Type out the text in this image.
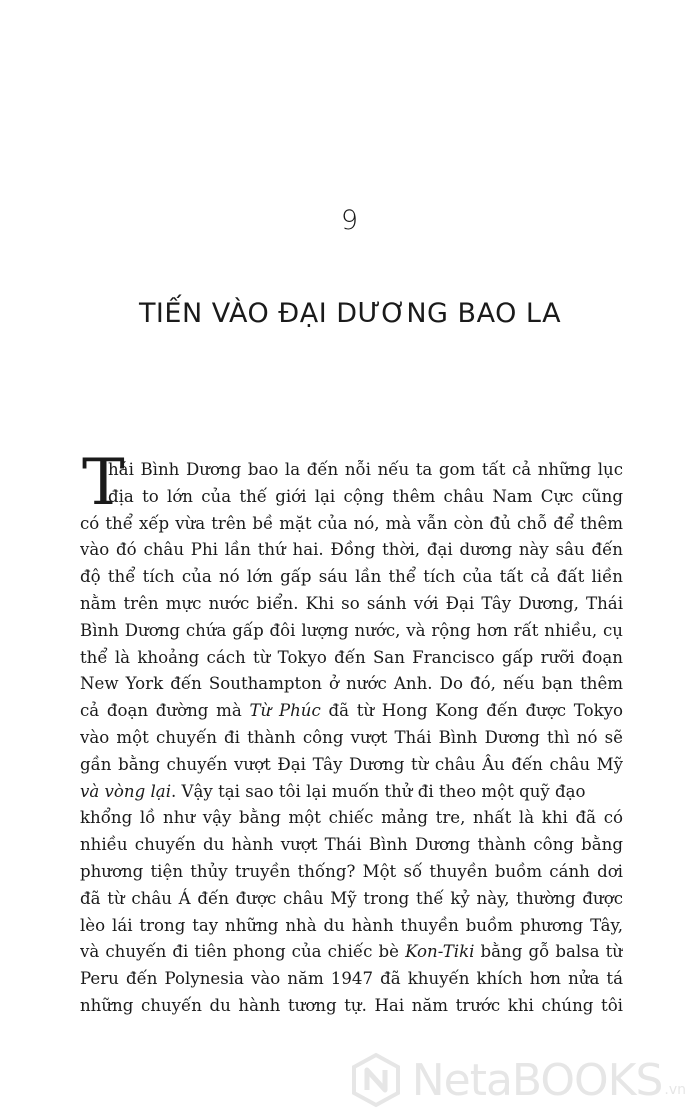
9
TIẾN VÀO ĐẠI DƯƠNG BAO LA
T
hái Bình Dương bao la đến nỗi nếu ta gom tất cả những lục
địa to lớn của thế giới lại cộng thêm châu Nam Cực cũng
có thể xếp vừa trên bề mặt của nó, mà vẫn còn đủ chỗ để thêm
vào đó châu Phi lần thứ hai. Đồng thời, đại dương này sâu đến
độ thể tích của nó lớn gấp sáu lần thể tích của tất cả đất liền
nằm trên mực nước biển. Khi so sánh với Đại Tây Dương, Thái
Bình Dương chứa gấp đôi lượng nước, và rộng hơn rất nhiều, cụ
thể là khoảng cách từ Tokyo đến San Francisco gấp rưỡi đoạn
New York đến Southampton ở nước Anh. Do đó, nếu bạn thêm
cả đoạn đường mà Từ Phúc đã từ Hong Kong đến được Tokyo
vào một chuyến đi thành công vượt Thái Bình Dương thì nó sẽ
gần bằng chuyến vượt Đại Tây Dương từ châu Âu đến châu Mỹ
và vòng lại. Vậy tại sao tôi lại muốn thử đi theo một quỹ đạo
khổng lồ như vậy bằng một chiếc mảng tre, nhất là khi đã có
nhiều chuyến du hành vượt Thái Bình Dương thành công bằng
phương tiện thủy truyền thống? Một số thuyền buồm cánh dơi
đã từ châu Á đến được châu Mỹ trong thế kỷ này, thường được
lèo lái trong tay những nhà du hành thuyền buồm phương Tây,
và chuyến đi tiên phong của chiếc bè Kon-Tiki bằng gỗ balsa từ
Peru đến Polynesia vào năm 1947 đã khuyến khích hơn nửa tá
những chuyến du hành tương tự. Hai năm trước khi chúng tôi
NetaBOOKS .vn
